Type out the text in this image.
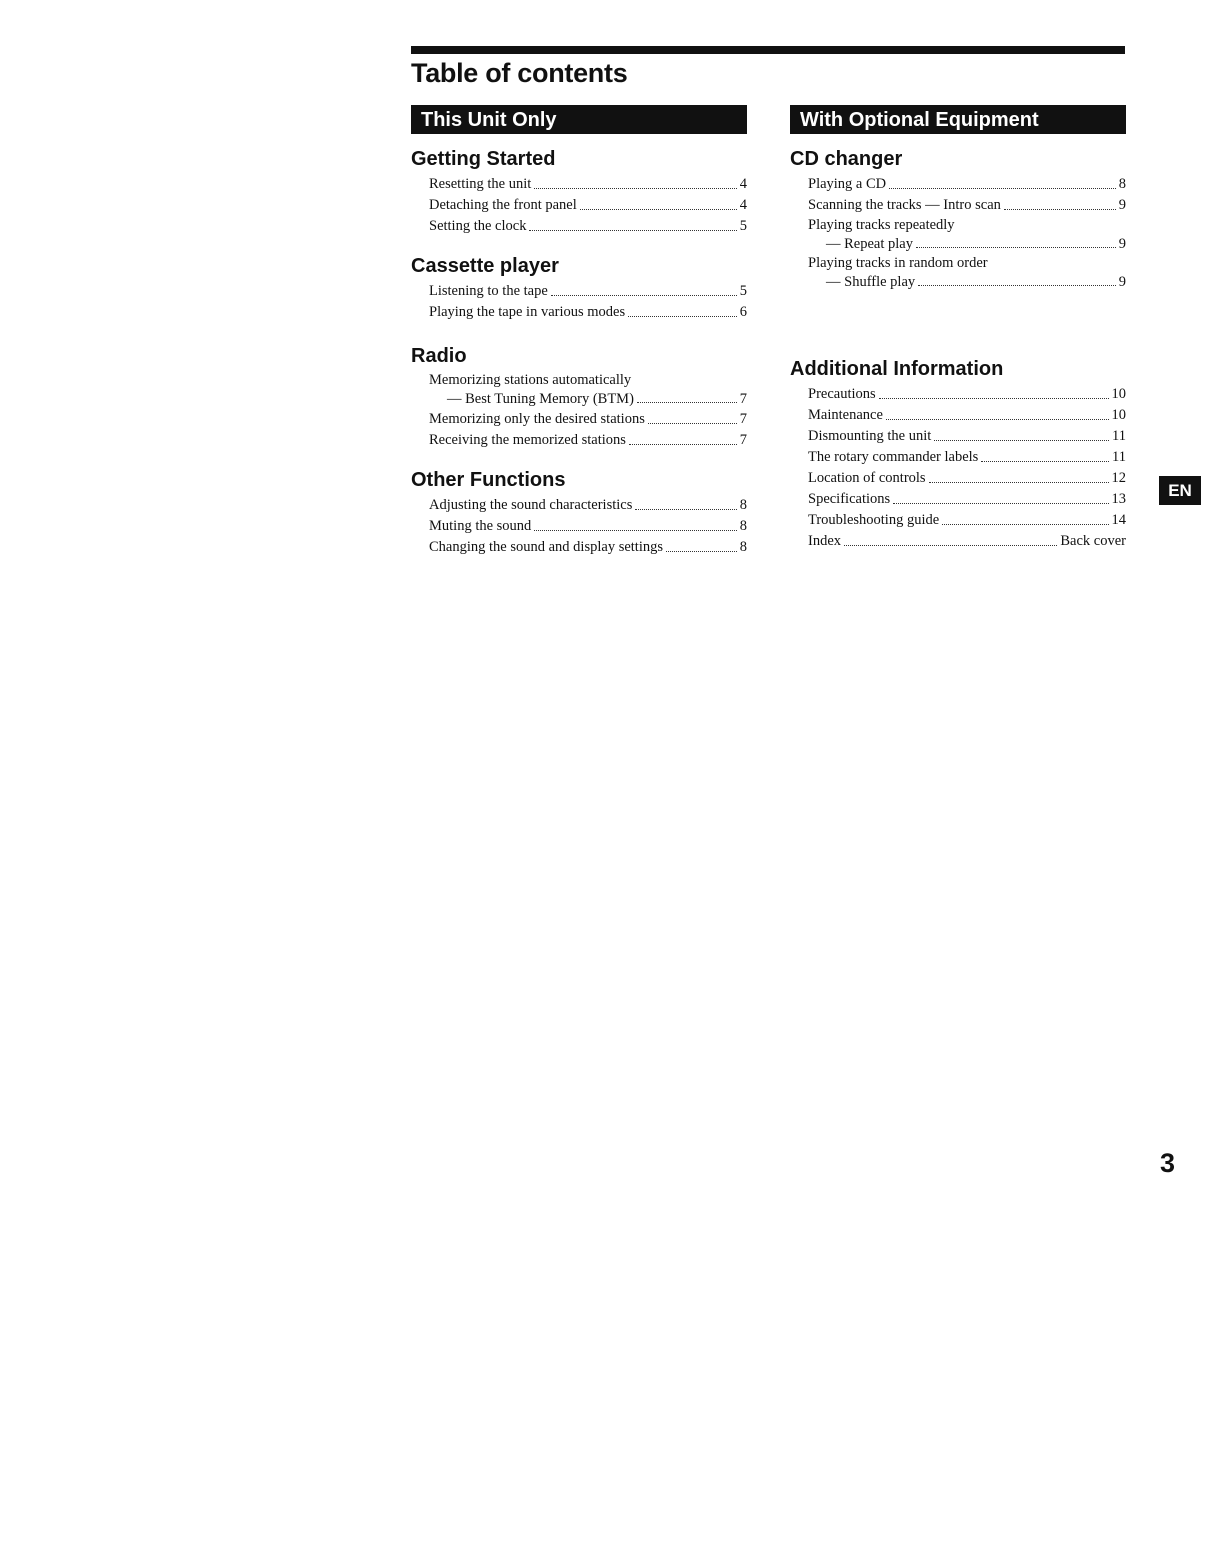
Table of contents
This Unit Only
Getting Started
Resetting the unit	4
Detaching the front panel	4
Setting the clock	5
Cassette player
Listening to the tape	5
Playing the tape in various modes	6
Radio
Memorizing stations automatically
— Best Tuning Memory (BTM)	7
Memorizing only the desired stations	7
Receiving the memorized stations	7
Other Functions
Adjusting the sound characteristics	8
Muting the sound	8
Changing the sound and display settings	8
With Optional Equipment
CD changer
Playing a CD	8
Scanning the tracks — Intro scan	9
Playing tracks repeatedly
— Repeat play	9
Playing tracks in random order
— Shuffle play	9
Additional Information
Precautions	10
Maintenance	10
Dismounting the unit	11
The rotary commander labels	11
Location of controls	12
Specifications	13
Troubleshooting guide	14
Index	Back cover
EN
3
